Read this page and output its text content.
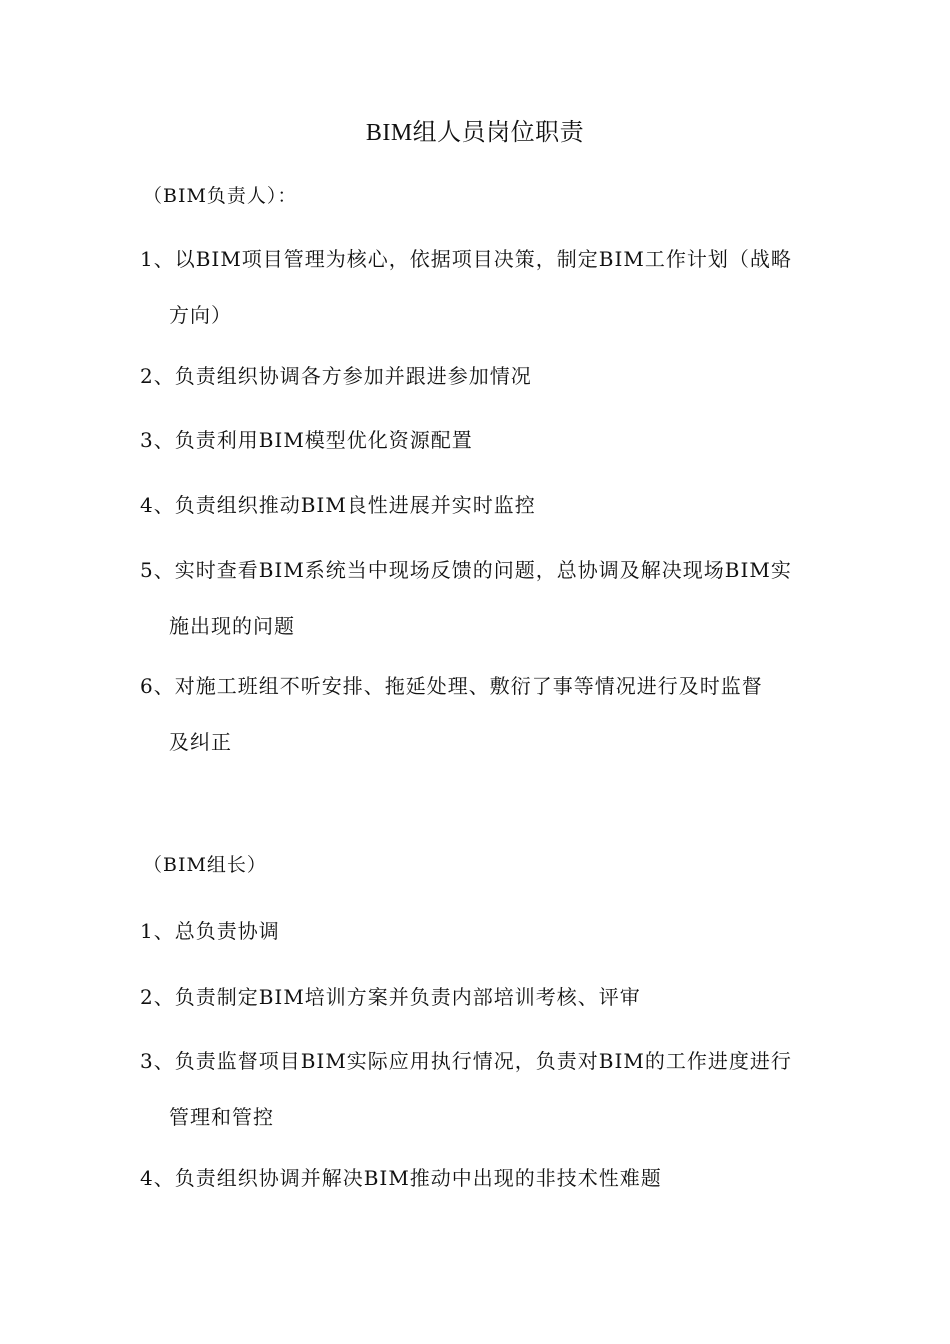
BIM组人员岗位职责
（BIM负责人）：
1、以BIM项目管理为核心，依据项目决策，制定BIM工作计划（战略
方向）
2、负责组织协调各方参加并跟进参加情况
3、负责利用BIM模型优化资源配置
4、负责组织推动BIM良性进展并实时监控
5、实时查看BIM系统当中现场反馈的问题，总协调及解决现场BIM实
施出现的问题
6、对施工班组不听安排、拖延处理、敷衍了事等情况进行及时监督
及纠正
（BIM组长）
1、总负责协调
2、负责制定BIM培训方案并负责内部培训考核、评审
3、负责监督项目BIM实际应用执行情况，负责对BIM的工作进度进行
管理和管控
4、负责组织协调并解决BIM推动中出现的非技术性难题
